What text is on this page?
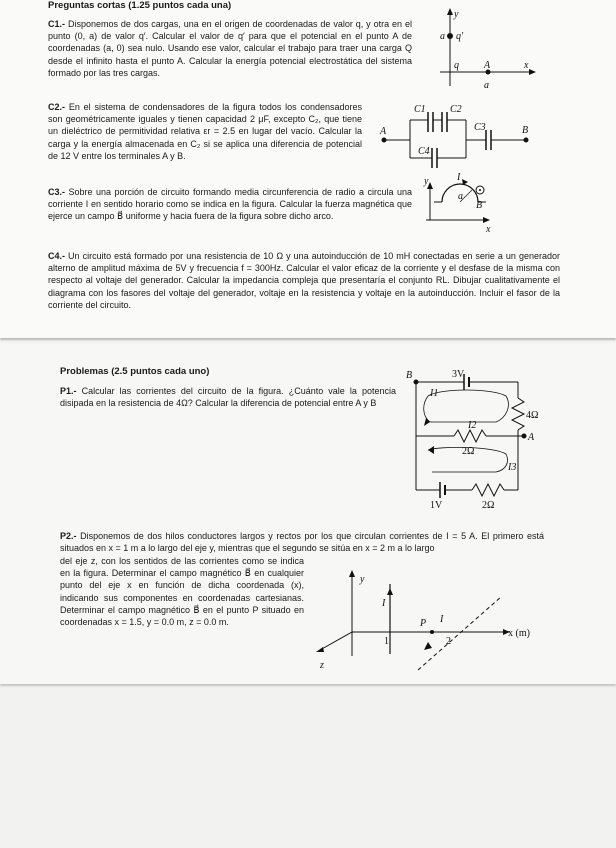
Preguntas cortas (1.25 puntos cada una)

C1.- Disponemos de dos cargas, una en el origen de coordenadas de valor q, y otra en el punto (0, a) de valor q′. Calcular el valor de q′ para que el potencial en el punto A de coordenadas (a, 0) sea nulo. Usando ese valor, calcular el trabajo para traer una carga Q desde el infinito hasta el punto A. Calcular la energía potencial electrostática del sistema formado por las tres cargas.

y
x
a q′
q	A
a

C2.- En el sistema de condensadores de la figura todos los condensadores son geométricamente iguales y tienen capacidad 2 μF, excepto C₂, que tiene un dieléctrico de permitividad relativa εr = 2.5 en lugar del vacío. Calcular la carga y la energía almacenada en C₂ si se aplica una diferencia de potencial de 12 V entre los terminales A y B.

A	B
C1 C2
C3
C4

C3.- Sobre una porción de circuito formando media circunferencia de radio a circula una corriente I en sentido horario como se indica en la figura. Calcular la fuerza magnética que ejerce un campo B⃗ uniforme y hacia fuera de la figura sobre dicho arco.

y
x
I
a
B⃗

C4.- Un circuito está formado por una resistencia de 10 Ω y una autoinducción de 10 mH conectadas en serie a un generador alterno de amplitud máxima de 5V y frecuencia f = 300Hz. Calcular el valor eficaz de la corriente y el desfase de la misma con respecto al voltaje del generador. Calcular la impedancia compleja que presentaría el conjunto RL. Dibujar cualitativamente el diagrama con los fasores del voltaje del generador, voltaje en la resistencia y voltaje en la autoinducción. Incluir el fasor de la corriente del circuito.

Problemas (2.5 puntos cada uno)

P1.- Calcular las corrientes del circuito de la figura. ¿Cuánto vale la potencia disipada en la resistencia de 4Ω? Calcular la diferencia de potencial entre A y B

B
A
3V
4Ω
2Ω
1V	2Ω
I1
I2
I3

P2.- Disponemos de dos hilos conductores largos y rectos por los que circulan corrientes de I = 5 A. El primero está situados en x = 1 m a lo largo del eje y, mientras que el segundo se sitúa en x = 2 m a lo largo

del eje z, con los sentidos de las corrientes como se indica en la figura. Determinar el campo magnético B⃗ en cualquier punto del eje x en función de dicha coordenada (x), indicando sus componentes en coordenadas cartesianas. Determinar el campo magnético B⃗ en el punto P situado en coordenadas x = 1.5, y = 0.0 m, z = 0.0 m.

y
z
x (m)
1	2
P
I
I
